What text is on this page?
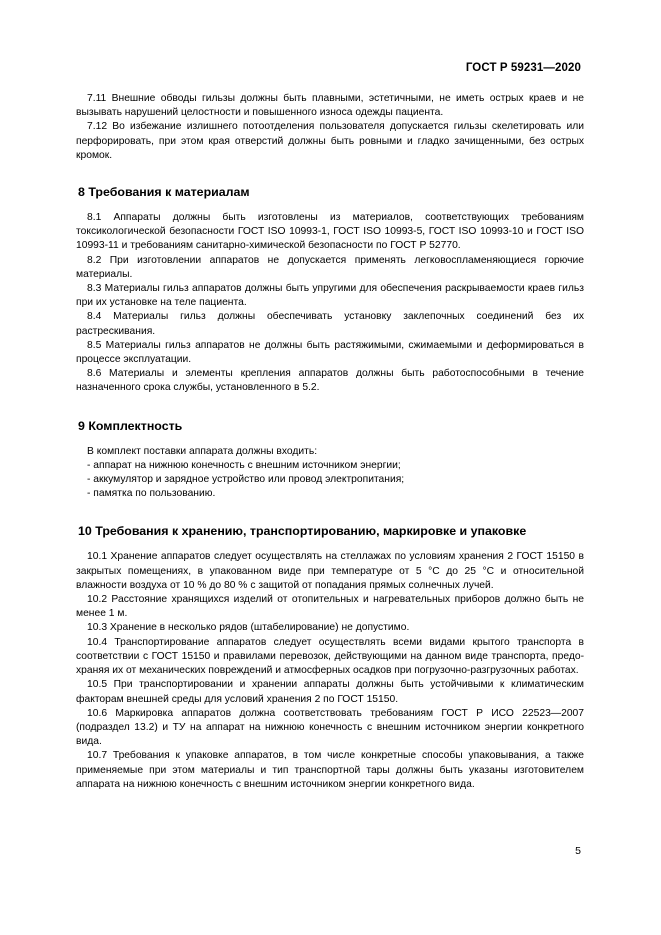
ГОСТ Р 59231—2020

7.11 Внешние обводы гильзы должны быть плавными, эстетичными, не иметь острых краев и не вызывать нарушений целостности и повышенного износа одежды пациента.

7.12 Во избежание излишнего потоотделения пользователя допускается гильзы скелетировать или перфорировать, при этом края отверстий должны быть ровными и гладко зачищенными, без острых кромок.

8 Требования к материалам

8.1 Аппараты должны быть изготовлены из материалов, соответствующих требованиям токсикологической безопасности ГОСТ ISO 10993-1, ГОСТ ISO 10993-5, ГОСТ ISO 10993-10 и ГОСТ ISO 10993-11 и требованиям санитарно-химической безопасности по ГОСТ Р 52770.

8.2 При изготовлении аппаратов не допускается применять легковоспламеняющиеся горючие материалы.

8.3 Материалы гильз аппаратов должны быть упругими для обеспечения раскрываемости краев гильз при их установке на теле пациента.

8.4 Материалы гильз должны обеспечивать установку заклепочных соединений без их растрескивания.

8.5 Материалы гильз аппаратов не должны быть растяжимыми, сжимаемыми и деформироваться в процессе эксплуатации.

8.6 Материалы и элементы крепления аппаратов должны быть работоспособными в течение назначенного срока службы, установленного в 5.2.

9 Комплектность

В комплект поставки аппарата должны входить:

- аппарат на нижнюю конечность с внешним источником энергии;
- аккумулятор и зарядное устройство или провод электропитания;
- памятка по пользованию.
10 Требования к хранению, транспортированию, маркировке и упаковке

10.1 Хранение аппаратов следует осуществлять на стеллажах по условиям хранения 2 ГОСТ 15150 в закрытых помещениях, в упакованном виде при температуре от 5 °С до 25 °С и относительной влажности воздуха от 10 % до 80 % с защитой от попадания прямых солнечных лучей.

10.2 Расстояние хранящихся изделий от отопительных и нагревательных приборов должно быть не менее 1 м.

10.3 Хранение в несколько рядов (штабелирование) не допустимо.

10.4 Транспортирование аппаратов следует осуществлять всеми видами крытого транспорта в соответствии с ГОСТ 15150 и правилами перевозок, действующими на данном виде транспорта, предо-храняя их от механических повреждений и атмосферных осадков при погрузочно-разгрузочных работах.

10.5 При транспортировании и хранении аппараты должны быть устойчивыми к климатическим факторам внешней среды для условий хранения 2 по ГОСТ 15150.

10.6 Маркировка аппаратов должна соответствовать требованиям ГОСТ Р ИСО 22523—2007 (подраздел 13.2) и ТУ на аппарат на нижнюю конечность с внешним источником энергии конкретного вида.

10.7 Требования к упаковке аппаратов, в том числе конкретные способы упаковывания, а также применяемые при этом материалы и тип транспортной тары должны быть указаны изготовителем аппарата на нижнюю конечность с внешним источником энергии конкретного вида.

5
